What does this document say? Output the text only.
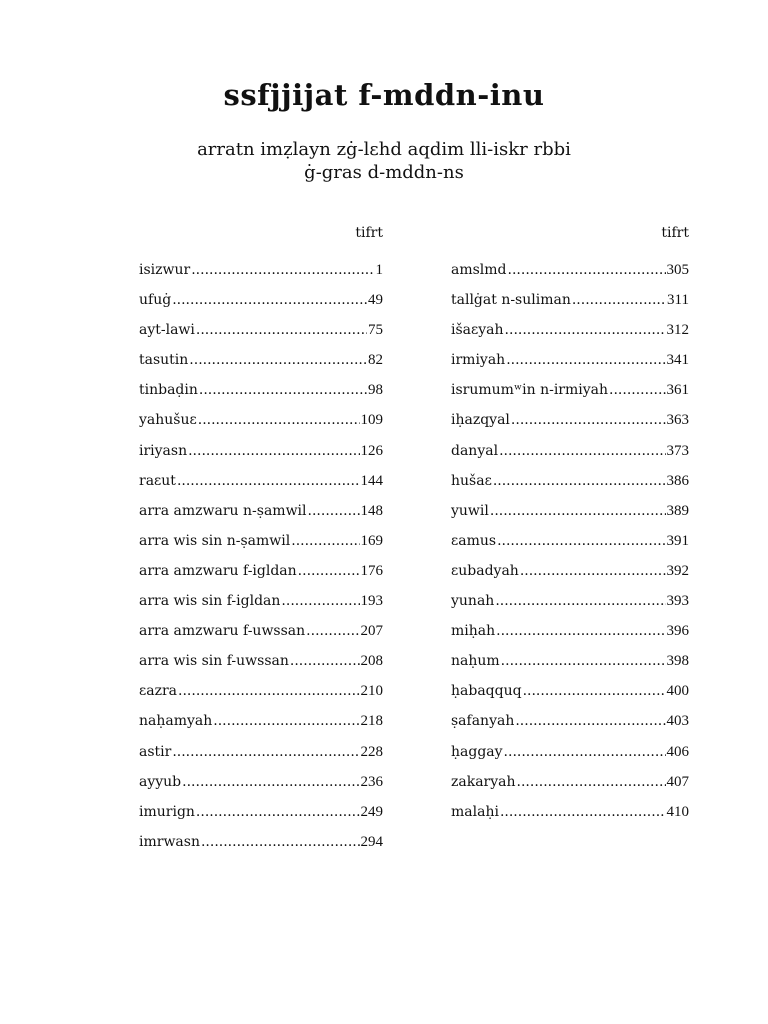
ssfjjijat f-mddn-inu
arratn imẓlayn zġ-lɛhd aqdim lli-iskr rbbi
ġ-gras d-mddn-ns
tifrt
isizwur .....	1
ufuġ .....	49
ayt-lawi .....	75
tasutin .....	82
tinbaḍin .....	98
yahušuɛ .....	109
iriyasn .....	126
raɛut .....	144
arra amzwaru n-ṣamwil .....	148
arra wis sin n-ṣamwil .....	169
arra amzwaru f-igldan .....	176
arra wis sin f-igldan .....	193
arra amzwaru f-uwssan .....	207
arra wis sin f-uwssan .....	208
ɛazra .....	210
naḥamyah .....	218
astir .....	228
ayyub .....	236
imurign .....	249
imrwasn .....	294
tifrt
amslmd .....	305
tallġat n-suliman .....	311
išaɛyah .....	312
irmiyah .....	341
isrumumʷin n-irmiyah .....	361
iḥazqyal .....	363
danyal .....	373
hušaɛ .....	386
yuwil .....	389
ɛamus .....	391
ɛubadyah .....	392
yunah .....	393
miḥah .....	396
naḥum .....	398
ḥabaqquq .....	400
ṣafanyah .....	403
ḥaggay .....	406
zakaryah .....	407
malaḥi .....	410
